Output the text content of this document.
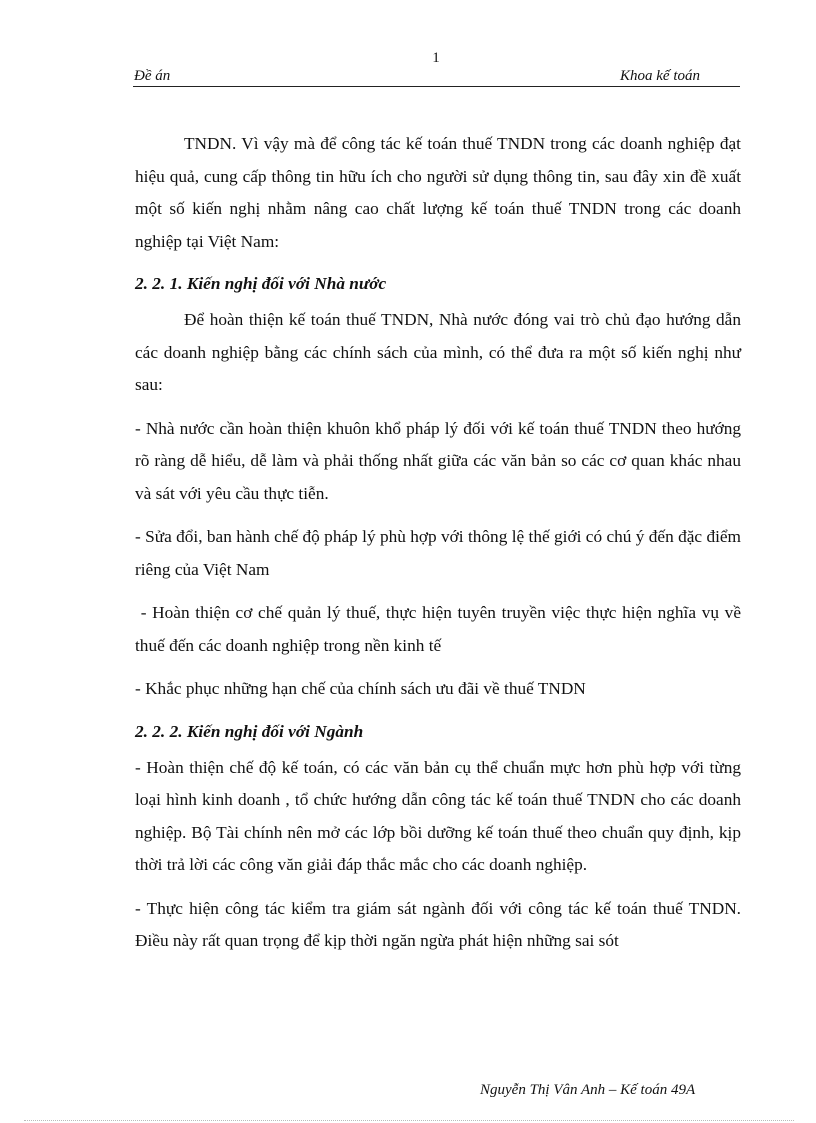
1
Đề án	Khoa kế toán

TNDN. Vì vậy mà để công tác kế toán thuế TNDN trong các doanh nghiệp đạt hiệu quả, cung cấp thông tin hữu ích cho người sử dụng thông tin, sau đây xin đề xuất một số kiến nghị nhằm nâng cao chất lượng kế toán thuế TNDN trong các doanh nghiệp tại Việt Nam:

2. 2. 1. Kiến nghị đối với Nhà nước

Để hoàn thiện kế toán thuế TNDN, Nhà nước đóng vai trò chủ đạo hướng dẫn các doanh nghiệp bằng các chính sách của mình, có thể đưa ra một số kiến nghị như sau:

- Nhà nước cần hoàn thiện khuôn khổ pháp lý đối với kế toán thuế TNDN theo hướng rõ ràng dễ hiểu, dễ làm và phải thống nhất giữa các văn bản so các cơ quan khác nhau và sát với yêu cầu thực tiễn.

- Sửa đổi, ban hành chế độ pháp lý phù hợp với thông lệ thế giới có chú ý đến đặc điểm riêng của Việt Nam

- Hoàn thiện cơ chế quản lý thuế, thực hiện tuyên truyền việc thực hiện nghĩa vụ về thuế đến các doanh nghiệp trong nền kinh tế

- Khắc phục những hạn chế của chính sách ưu đãi về thuế TNDN

2. 2. 2. Kiến nghị đối với Ngành

- Hoàn thiện chế độ kế toán, có các văn bản cụ thể chuẩn mực hơn phù hợp với từng loại hình kinh doanh , tổ chức hướng dẫn công tác kế toán thuế TNDN cho các doanh nghiệp. Bộ Tài chính nên mở các lớp bồi dưỡng kế toán thuế theo chuẩn quy định, kịp thời trả lời các công văn giải đáp thắc mắc cho các doanh nghiệp.

- Thực hiện công tác kiểm tra giám sát ngành đối với công tác kế toán thuế TNDN. Điều này rất quan trọng để kịp thời ngăn ngừa phát hiện những sai sót

Nguyễn Thị Vân Anh – Kế toán 49A
